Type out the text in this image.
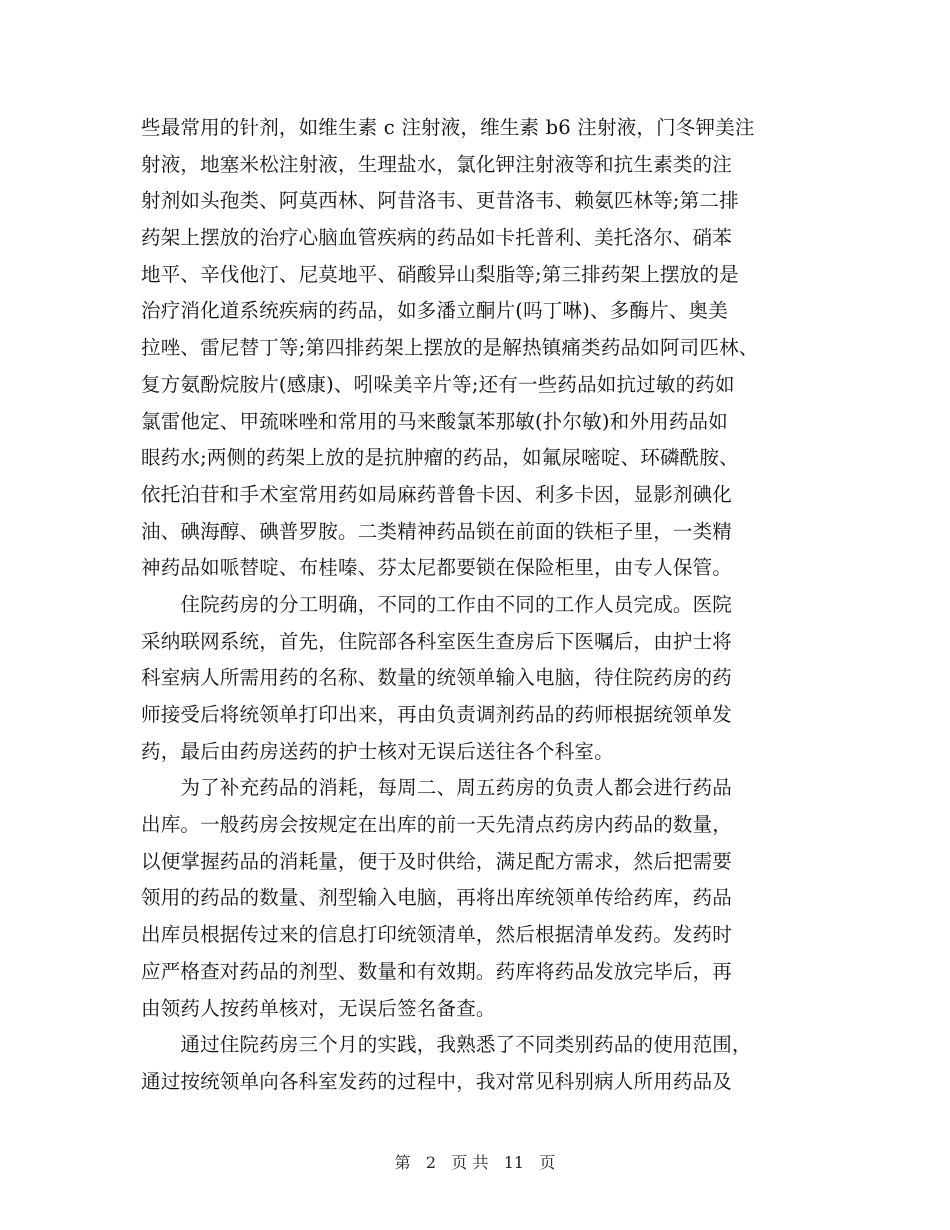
些最常用的针剂，如维生素 c 注射液，维生素 b6 注射液，门冬钾美注
射液，地塞米松注射液，生理盐水，氯化钾注射液等和抗生素类的注
射剂如头孢类、阿莫西林、阿昔洛韦、更昔洛韦、赖氨匹林等;第二排
药架上摆放的治疗心脑血管疾病的药品如卡托普利、美托洛尔、硝苯
地平、辛伐他汀、尼莫地平、硝酸异山梨脂等;第三排药架上摆放的是
治疗消化道系统疾病的药品，如多潘立酮片(吗丁啉)、多酶片、奥美
拉唑、雷尼替丁等;第四排药架上摆放的是解热镇痛类药品如阿司匹林、
复方氨酚烷胺片(感康)、吲哚美辛片等;还有一些药品如抗过敏的药如
氯雷他定、甲巯咪唑和常用的马来酸氯苯那敏(扑尔敏)和外用药品如
眼药水;两侧的药架上放的是抗肿瘤的药品，如氟尿嘧啶、环磷酰胺、
依托泊苷和手术室常用药如局麻药普鲁卡因、利多卡因，显影剂碘化
油、碘海醇、碘普罗胺。二类精神药品锁在前面的铁柜子里，一类精
神药品如哌替啶、布桂嗪、芬太尼都要锁在保险柜里，由专人保管。
　　住院药房的分工明确，不同的工作由不同的工作人员完成。医院
采纳联网系统，首先，住院部各科室医生查房后下医嘱后，由护士将
科室病人所需用药的名称、数量的统领单输入电脑，待住院药房的药
师接受后将统领单打印出来，再由负责调剂药品的药师根据统领单发
药，最后由药房送药的护士核对无误后送往各个科室。
　　为了补充药品的消耗，每周二、周五药房的负责人都会进行药品
出库。一般药房会按规定在出库的前一天先清点药房内药品的数量，
以便掌握药品的消耗量，便于及时供给，满足配方需求，然后把需要
领用的药品的数量、剂型输入电脑，再将出库统领单传给药库，药品
出库员根据传过来的信息打印统领清单，然后根据清单发药。发药时
应严格查对药品的剂型、数量和有效期。药库将药品发放完毕后，再
由领药人按药单核对，无误后签名备查。
　　通过住院药房三个月的实践，我熟悉了不同类别药品的使用范围，
通过按统领单向各科室发药的过程中，我对常见科别病人所用药品及
第 2 页 共 11 页
